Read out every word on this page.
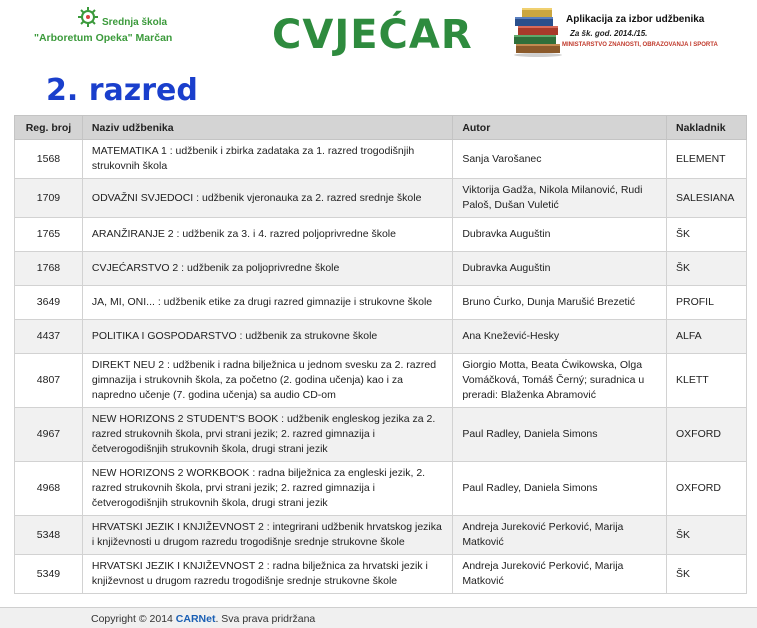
Srednja škola
"Arboretum Opeka" Marčan CVJEĆAR	Aplikacija za izbor udžbenika
Za šk. god. 2014./15.
MINISTARSTVO ZNANOSTI, OBRAZOVANJA I SPORTA
2. razred
Reg. broj	Naziv udžbenika	Autor	Nakladnik
1568	MATEMATIKA 1 : udžbenik i zbirka zadataka za 1. razred trogodišnjih strukovnih škola	Sanja Varošanec	ELEMENT
1709	ODVAŽNI SVJEDOCI : udžbenik vjeronauka za 2. razred srednje škole	Viktorija Gadža, Nikola Milanović, Rudi Paloš, Dušan Vuletić	SALESIANA
1765	ARANŽIRANJE 2 : udžbenik za 3. i 4. razred poljoprivredne škole	Dubravka Auguštin	ŠK
1768	CVJEĆARSTVO 2 : udžbenik za poljoprivredne škole	Dubravka Auguštin	ŠK
3649	JA, MI, ONI... : udžbenik etike za drugi razred gimnazije i strukovne škole	Bruno Ćurko, Dunja Marušić Brezetić	PROFIL
4437	POLITIKA I GOSPODARSTVO : udžbenik za strukovne škole	Ana Knežević-Hesky	ALFA
4807	DIREKT NEU 2 : udžbenik i radna bilježnica u jednom svesku za 2. razred gimnazija i strukovnih škola, za početno (2. godina učenja) kao i za napredno učenje (7. godina učenja) sa audio CD-om	Giorgio Motta, Beata Ćwikowska, Olga Vomáčková, Tomáš Černý; suradnica u preradi: Blaženka Abramović	KLETT
4967	NEW HORIZONS 2 STUDENT'S BOOK : udžbenik engleskog jezika za 2. razred strukovnih škola, prvi strani jezik; 2. razred gimnazija i četverogodišnjih strukovnih škola, drugi strani jezik	Paul Radley, Daniela Simons	OXFORD
4968	NEW HORIZONS 2 WORKBOOK : radna bilježnica za engleski jezik, 2. razred strukovnih škola, prvi strani jezik; 2. razred gimnazija i četverogodišnjih strukovnih škola, drugi strani jezik	Paul Radley, Daniela Simons	OXFORD
5348	HRVATSKI JEZIK I KNJIŽEVNOST 2 : integrirani udžbenik hrvatskog jezika i književnosti u drugom razredu trogodišnje srednje strukovne škole	Andreja Jureković Perković, Marija Matković	ŠK
5349	HRVATSKI JEZIK I KNJIŽEVNOST 2 : radna bilježnica za hrvatski jezik i književnost u drugom razredu trogodišnje srednje strukovne škole	Andreja Jureković Perković, Marija Matković	ŠK
Copyright © 2014 CARNet. Sva prava pridržana
